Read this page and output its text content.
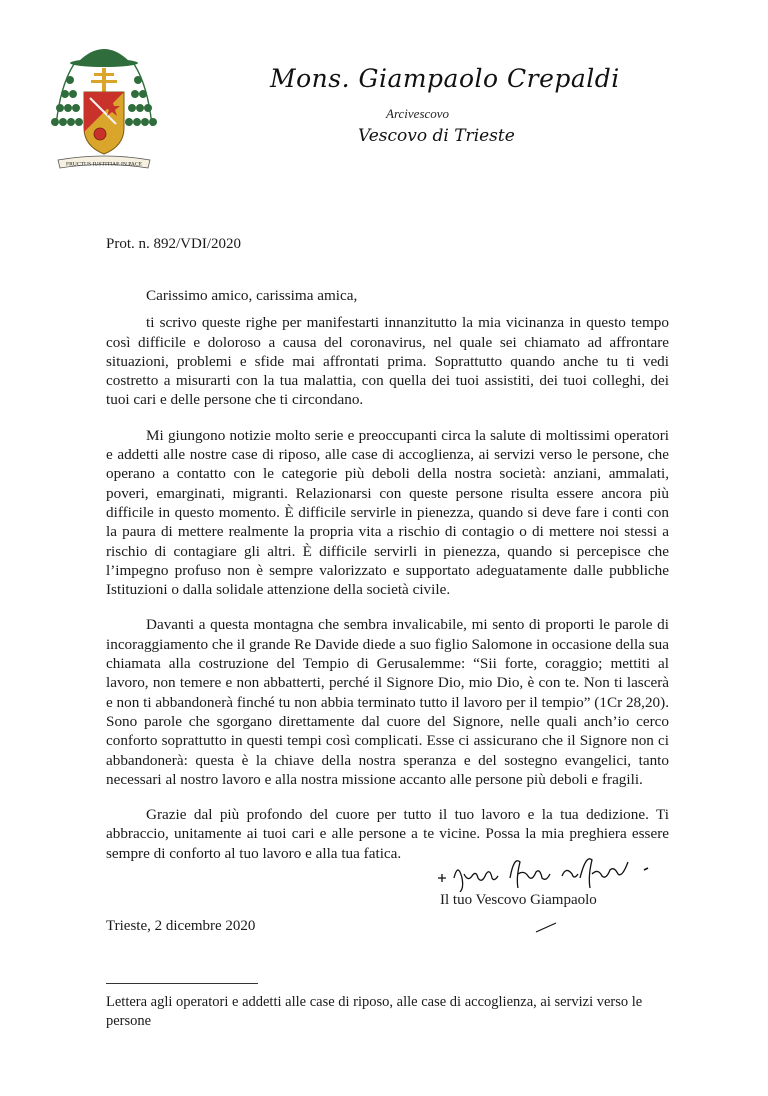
FRUCTUS IUSTITIAE IN PACE
Mons. Giampaolo Crepaldi
Arcivescovo
Vescovo di Trieste
Prot. n. 892/VDI/2020

Carissimo amico, carissima amica,

ti scrivo queste righe per manifestarti innanzitutto la mia vicinanza in questo tempo così difficile e doloroso a causa del coronavirus, nel quale sei chiamato ad affrontare situazioni, problemi e sfide mai affrontati prima. Soprattutto quando anche tu ti vedi costretto a misurarti con la tua malattia, con quella dei tuoi assistiti, dei tuoi colleghi, dei tuoi cari e delle persone che ti circondano.

Mi giungono notizie molto serie e preoccupanti circa la salute di moltissimi operatori e addetti alle nostre case di riposo, alle case di accoglienza, ai servizi verso le persone, che operano a contatto con le categorie più deboli della nostra società: anziani, ammalati, poveri, emarginati, migranti. Relazionarsi con queste persone risulta essere ancora più difficile in questo momento. È difficile servirle in pienezza, quando si deve fare i conti con la paura di mettere realmente la propria vita a rischio di contagio o di mettere noi stessi a rischio di contagiare gli altri. È difficile servirli in pienezza, quando si percepisce che l’impegno profuso non è sempre valorizzato e supportato adeguatamente dalle pubbliche Istituzioni o dalla solidale attenzione della società civile.

Davanti a questa montagna che sembra invalicabile, mi sento di proporti le parole di incoraggiamento che il grande Re Davide diede a suo figlio Salomone in occasione della sua chiamata alla costruzione del Tempio di Gerusalemme: “Sii forte, coraggio; mettiti al lavoro, non temere e non abbatterti, perché il Signore Dio, mio Dio, è con te. Non ti lascerà e non ti abbandonerà finché tu non abbia terminato tutto il lavoro per il tempio” (1Cr 28,20). Sono parole che sgorgano direttamente dal cuore del Signore, nelle quali anch’io cerco conforto soprattutto in questi tempi così complicati. Esse ci assicurano che il Signore non ci abbandonerà: questa è la chiave della nostra speranza e del sostegno evangelici, tanto necessari al nostro lavoro e alla nostra missione accanto alle persone più deboli e fragili.

Grazie dal più profondo del cuore per tutto il tuo lavoro e la tua dedizione. Ti abbraccio, unitamente ai tuoi cari e alle persone a te vicine. Possa la mia preghiera essere sempre di conforto al tuo lavoro e alla tua fatica.

Il tuo Vescovo Giampaolo
Trieste, 2 dicembre 2020
Lettera agli operatori e addetti alle case di riposo, alle case di accoglienza, ai servizi verso le persone
